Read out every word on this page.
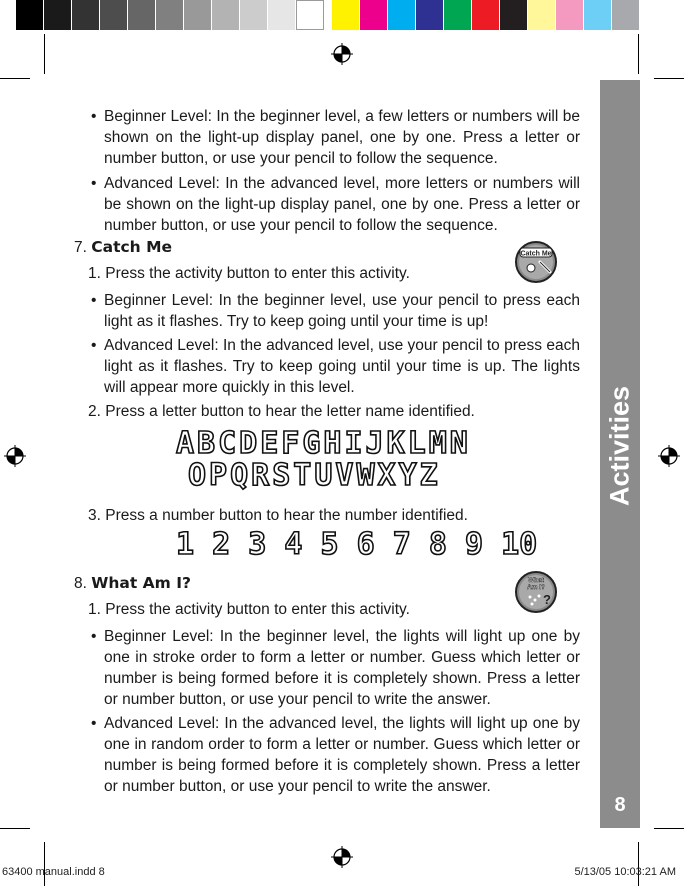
Activities
8
• Beginner Level: In the beginner level, a few letters or numbers will be shown on the light-up display panel, one by one. Press a letter or number button, or use your pencil to follow the sequence.
• Advanced Level: In the advanced level, more letters or numbers will be shown on the light-up display panel, one by one. Press a letter or number button, or use your pencil to follow the sequence.
7. Catch Me	Catch Me
1. Press the activity button to enter this activity.
• Beginner Level: In the beginner level, use your pencil to press each light as it flashes. Try to keep going until your time is up!
• Advanced Level: In the advanced level, use your pencil to press each light as it flashes. Try to keep going until your time is up. The lights will appear more quickly in this level.
2. Press a letter button to hear the letter name identified.
ABCDEFGHIJKLMN
OPQRSTUVWXYZ
3. Press a number button to hear the number identified.
1 2 3 4 5 6 7 8 9 10
8. What Am I?	What
Am I?
?
1. Press the activity button to enter this activity.
• Beginner Level: In the beginner level, the lights will light up one by one in stroke order to form a letter or number. Guess which letter or number is being formed before it is completely shown. Press a letter or number button, or use your pencil to write the answer.
• Advanced Level: In the advanced level, the lights will light up one by one in random order to form a letter or number. Guess which letter or number is being formed before it is completely shown. Press a letter or number button, or use your pencil to write the answer.
63400 manual.indd 8	5/13/05 10:03:21 AM
